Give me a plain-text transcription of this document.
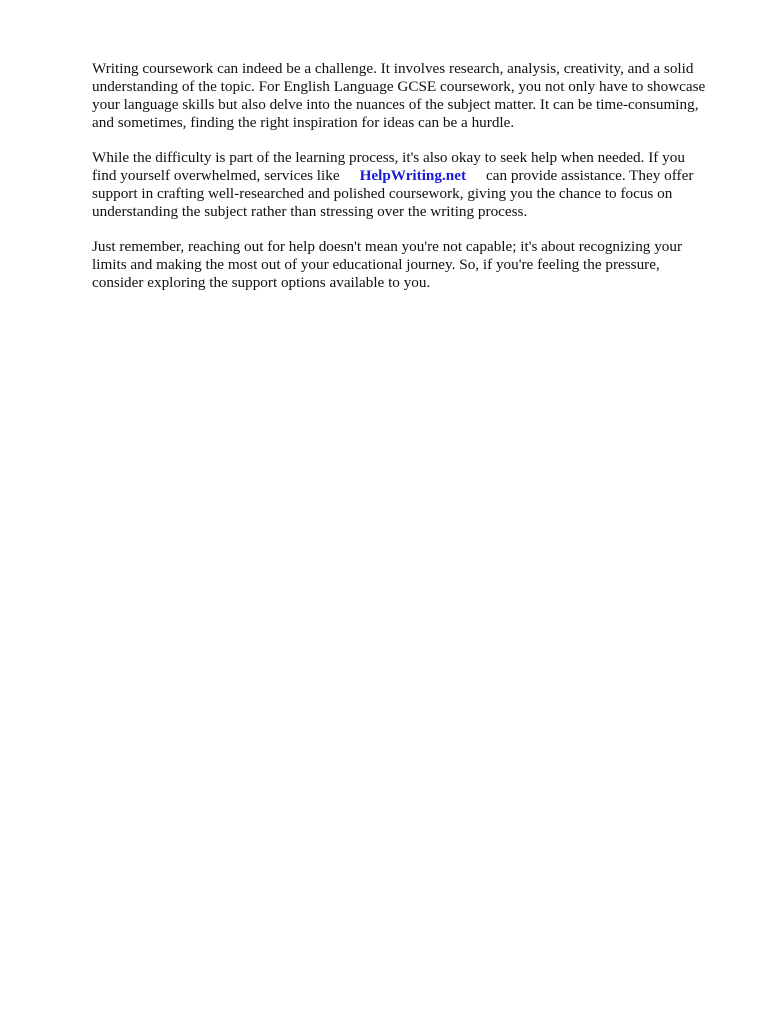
Writing coursework can indeed be a challenge. It involves research, analysis, creativity, and a solid
understanding of the topic. For English Language GCSE coursework, you not only have to showcase
your language skills but also delve into the nuances of the subject matter. It can be time-consuming,
and sometimes, finding the right inspiration for ideas can be a hurdle.

While the difficulty is part of the learning process, it's also okay to seek help when needed. If you
find yourself overwhelmed, services like HelpWriting.net can provide assistance. They offer
support in crafting well-researched and polished coursework, giving you the chance to focus on
understanding the subject rather than stressing over the writing process.

Just remember, reaching out for help doesn't mean you're not capable; it's about recognizing your
limits and making the most out of your educational journey. So, if you're feeling the pressure,
consider exploring the support options available to you.
